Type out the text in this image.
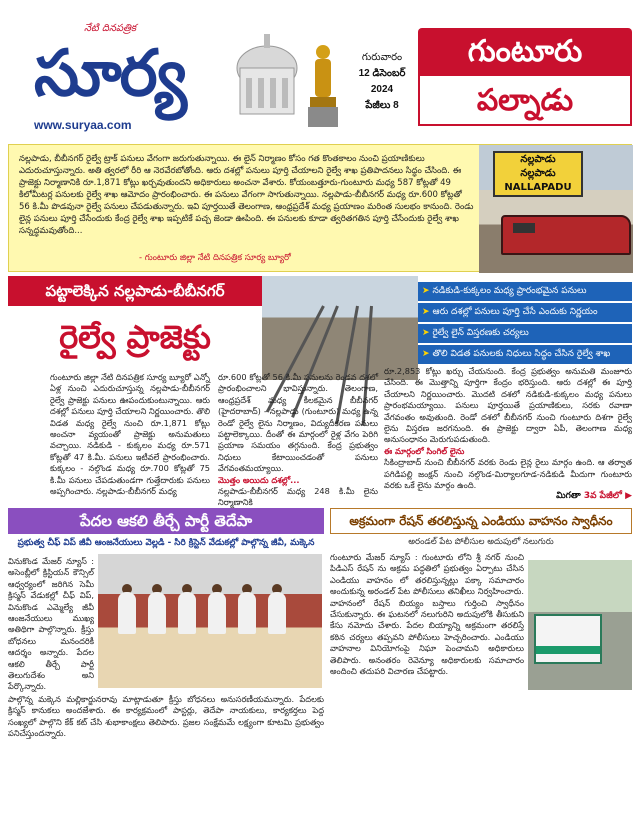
నేటి దినపత్రిక
సూర్య
www.suryaa.com
గురువారం
12 డిసెంబర్
2024
పేజీలు 8
గుంటూరు
పల్నాడు

నల్లపాడు, బీబీనగర్ రైల్వే ట్రాక్ పనులు వేగంగా జరుగుతున్నాయి. ఈ లైన్ నిర్మాణం కోసం గత కొంతకాలం నుంచి ప్రయాణికులు ఎదురుచూస్తున్నారు. అతి త్వరలో రీరి ఆ నెరవేరబోతోంది. ఆరు దశల్లో పనులు పూర్తి చేయాలని రైల్వే శాఖ ప్రతిపాదనలు సిద్ధం చేసింది. ఈ ప్రాజెక్టు నిర్మాణానికి రూ.1,871 కోట్లు ఖర్చవుతుందని అధికారులు అంచనా వేశారు. కోయంబత్తూరు-గుంటూరు మధ్య 587 కోట్లతో 49 కిలోమీటర్ల పనులకు రైల్వే శాఖ ఆమోదం ప్రారంభించారు. ఈ పనులు వేగంగా సాగుతున్నాయి. నల్లపాడు-బీబీనగర్ మధ్య రూ.600 కోట్లతో 56 కి.మీ పొడవునా రైల్వే పనులు చేపడుతున్నారు. ఇవి పూర్తయితే తెలంగాణ, ఆంధ్రప్రదేశ్ మధ్య ప్రయాణం మరింత సులభం కానుంది. రెండు లైన్ల పనులు పూర్తి చేసేందుకు కేంద్ర రైల్వే శాఖ ఇప్పటికే పచ్చ జెండా ఊపింది. ఈ పనులకు కూడా త్వరితగతిన పూర్తి చేసేందుకు రైల్వే శాఖ సన్నద్ధమవుతోంది...

- గుంటూరు జిల్లా నేటి దినపత్రిక సూర్య బ్యూరో
నల్లపాడు
నల్లపాడు
NALLAPADU
పట్టాలెక్కిన నల్లపాడు-బీబీనగర్
రైల్వే ప్రాజెక్టు
➤ నడికుడి-కుక్కలం మధ్య ప్రారంభమైన పనులు
➤ ఆరు దశల్లో పనులు పూర్తి చేసే ఎందుకు నిర్ణయం
➤ రైల్వే లైన్ విస్తరణకు చర్యలు
➤ తొలి విడత పనులకు నిధులు సిద్ధం చేసిన రైల్వే శాఖ
గుంటూరు జిల్లా నేటి దినపత్రిక సూర్య బ్యూరో ఎన్నో ఏళ్ల నుంచి ఎదురుచూస్తున్న నల్లపాడు-బీబీనగర్ రైల్వే ప్రాజెక్టు పనులు ఊపందుకుంటున్నాయి. ఆరు దశల్లో పనులు పూర్తి చేయాలని నిర్ణయించారు. తొలి విడత మధ్య రైల్వే నుంచి రూ.1,871 కోట్లు అంచనా వ్యయంతో ప్రాజెక్టు అనుమతులు వచ్చాయి. నడికుడి - కుక్కలం మధ్య రూ.571 కోట్లతో 47 కి.మీ. పనులు ఇటీవలే ప్రారంభించారు. కుక్కలం - నల్గొండ మధ్య రూ.700 కోట్లతో 75 కి.మీ పనులు చేపడుతుండగా గుత్తేదారుకు పనులు అప్పగించారు. నల్లపాడు-బీబీనగర్ మధ్య
రూ.600 కోట్లతో 56 కి.మీ పనులను రెండవ దశలో ప్రారంభించాలని భావిస్తున్నారు. తెలంగాణ, ఆంధ్రప్రదేశ్ మధ్య కీలకమైన బీబీనగర్ (హైదరాబాద్) - నల్లపాడు (గుంటూరు) మధ్య ఉన్న రెండో రైల్వే లైను నిర్మాణం, విద్యుదీకరణ పనులు పట్టాలెక్కాయి. దీంతో ఈ మార్గంలో రైళ్ల వేగం పెరిగి ప్రయాణ సమయం తగ్గనుంది. కేంద్ర ప్రభుత్వం నిధులు కేటాయించడంతో పనులు వేగవంతమయ్యాయి.
మొత్తం అయిదు దశల్లో...
నల్లపాడు-బీబీనగర్ మధ్య 248 కి.మీ లైను నిర్మాణానికి
రూ.2,853 కోట్లు ఖర్చు చేయనుంది. కేంద్ర ప్రభుత్వం అనుమతి మంజూరు చేసింది. ఈ మొత్తాన్ని పూర్తిగా కేంద్రం భరిస్తుంది. ఆరు దశల్లో ఈ పూర్తి చేయాలని నిర్ణయించారు. మొదటి దశలో నడికుడి-కుక్కలం మధ్య పనులు ప్రారంభమయ్యాయి. పనులు పూర్తయితే ప్రయాణికులు, సరకు రవాణా వేగవంతం అవుతుంది. రెండో దశలో బీబీనగర్ నుంచి గుంటూరు దిశగా రైల్వే లైను విస్తరణ జరగనుంది. ఈ ప్రాజెక్టు ద్వారా ఏపీ, తెలంగాణ మధ్య అనుసంధానం మెరుగుపడుతుంది.
ఈ మార్గంలో సింగిల్ లైను
సికింద్రాబాద్ నుంచి బీబీనగర్ వరకు రెండు లైన్ల రైలు మార్గం ఉంది. ఆ తర్వాత పగిడిపల్లి జంక్షన్ నుంచి నల్గొండ-మిర్యాలగూడ-నడికుడి మీదుగా గుంటూరు వరకు ఒకే లైను మార్గం ఉంది.
మిగతా 3వ పేజీలో ▶
పేదల ఆకలి తీర్చే పార్టీ తెదేపా
ప్రభుత్వ చీఫ్ విప్ జీవీ ఆంజనేయులు వెల్లడి - సిరి క్రిస్టెన్ వేడుకల్లో పాల్గొన్న జీవీ, మక్కెన
వినుకొండ మేజర్ న్యూస్ : అసెంబ్లీలో క్రిస్టియన్ కౌన్సిల్ ఆధ్వర్యంలో జరిగిన సెమీ క్రిస్మస్ వేడుకల్లో చీఫ్ విప్, వినుకొండ ఎమ్మెల్యే జీవీ ఆంజనేయులు ముఖ్య అతిథిగా పాల్గొన్నారు. క్రీస్తు బోధనలు మనందరికీ ఆదర్శం అన్నారు. పేదల ఆకలి తీర్చే పార్టీ తెలుగుదేశం అని పేర్కొన్నారు.
పాల్గొన్న మక్కెన మల్లికార్జునరావు మాట్లాడుతూ క్రీస్తు బోధనలు అనుసరణీయమన్నారు. పేదలకు క్రిస్మస్ కానుకలు అందజేశారు. ఈ కార్యక్రమంలో పాస్టర్లు, తెదేపా నాయకులు, కార్యకర్తలు పెద్ద సంఖ్యలో పాల్గొని కేక్ కట్ చేసి శుభాకాంక్షలు తెలిపారు. ప్రజల సంక్షేమమే లక్ష్యంగా కూటమి ప్రభుత్వం పనిచేస్తుందన్నారు.
అక్రమంగా రేషన్ తరలిస్తున్న ఎండియు వాహనం స్వాధీనం
అరండల్ పేట పోలీసుల అదుపులో నలుగురు
గుంటూరు మేజర్ న్యూస్ : గుంటూరు లోని శ్రీ నగర్ నుంచి పిడిఎస్ రేషన్ ను అక్రమ పద్ధతిలో ప్రభుత్వం ఏర్పాటు చేసిన ఎండియు వాహనం లో తరలిస్తున్నట్లు పక్కా సమాచారం అందుకున్న అరండల్ పేట పోలీసులు తనిఖీలు నిర్వహించారు. వాహనంలో రేషన్ బియ్యం బస్తాలు గుర్తించి స్వాధీనం చేసుకున్నారు. ఈ ఘటనలో నలుగురిని అదుపులోకి తీసుకుని కేసు నమోదు చేశారు. పేదల బియ్యాన్ని అక్రమంగా తరలిస్తే కఠిన చర్యలు తప్పవని పోలీసులు హెచ్చరించారు. ఎండియు వాహనాల వినియోగంపై నిఘా పెంచామని అధికారులు తెలిపారు. అనంతరం రెవెన్యూ అధికారులకు సమాచారం అందించి తదుపరి విచారణ చేపట్టారు.
